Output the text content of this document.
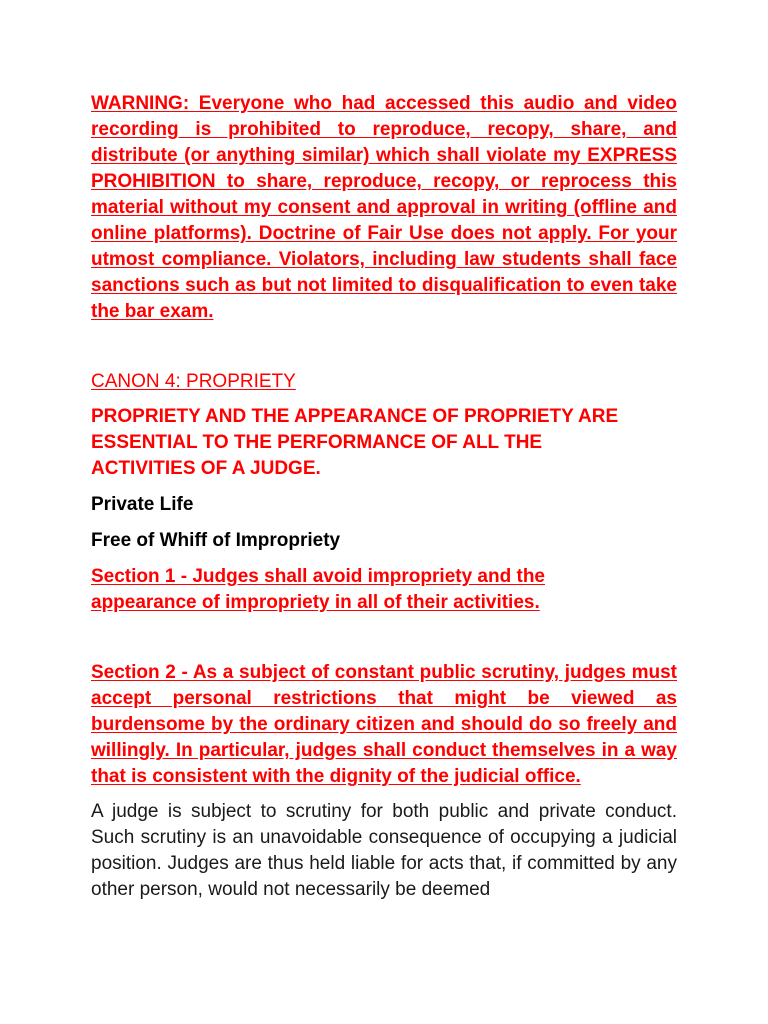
WARNING: Everyone who had accessed this audio and video recording is prohibited to reproduce, recopy, share, and distribute (or anything similar) which shall violate my EXPRESS PROHIBITION to share, reproduce, recopy, or reprocess this material without my consent and approval in writing (offline and online platforms). Doctrine of Fair Use does not apply. For your utmost compliance. Violators, including law students shall face sanctions such as but not limited to disqualification to even take the bar exam.

CANON 4: PROPRIETY

PROPRIETY AND THE APPEARANCE OF PROPRIETY ARE
ESSENTIAL TO THE PERFORMANCE OF ALL THE
ACTIVITIES OF A JUDGE.

Private Life

Free of Whiff of Impropriety

Section 1 - Judges shall avoid impropriety and the
appearance of impropriety in all of their activities.

Section 2 - As a subject of constant public scrutiny, judges must accept personal restrictions that might be viewed as burdensome by the ordinary citizen and should do so freely and willingly. In particular, judges shall conduct themselves in a way that is consistent with the dignity of the judicial office.

A judge is subject to scrutiny for both public and private conduct. Such scrutiny is an unavoidable consequence of occupying a judicial position. Judges are thus held liable for acts that, if committed by any other person, would not necessarily be deemed
